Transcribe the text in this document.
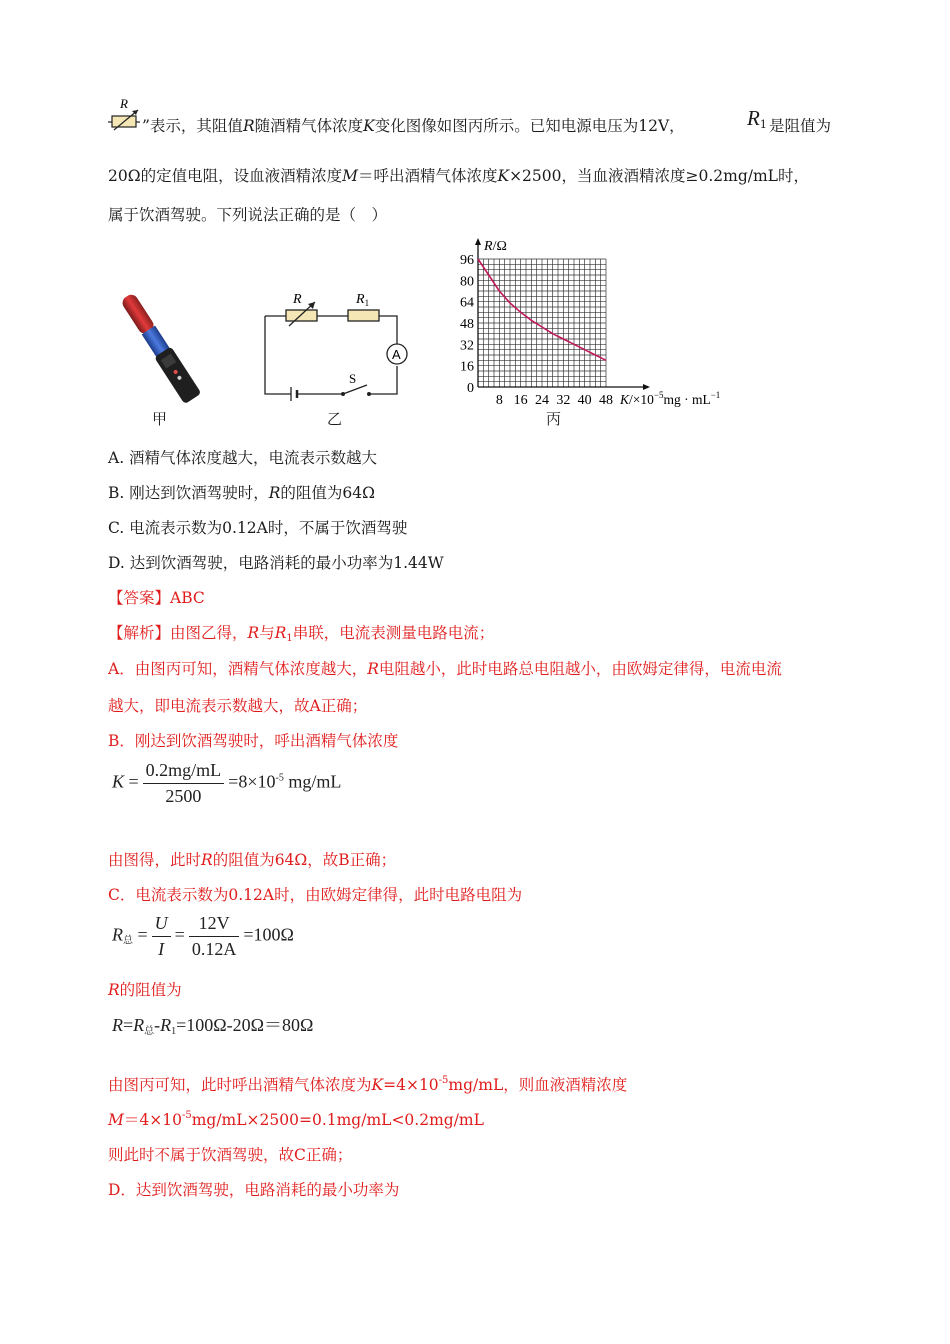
R
”表示，其阻值R随酒精气体浓度K变化图像如图丙所示。已知电源电压为12V，	$R_1$ 是阻值为
20Ω的定值电阻，设血液酒精浓度M＝呼出酒精气体浓度K×2500，当血液酒精浓度≥0.2mg/mL时，
属于饮酒驾驶。下列说法正确的是（　）
甲
R	$R_1$
A
S
乙
0
16
32
48
64
80
96
8 16 24 32 40 48
R/Ω
$K/\times 10^{-5}mg \cdot mL^{-1}$
丙
A. 酒精气体浓度越大，电流表示数越大
B. 刚达到饮酒驾驶时，R的阻值为64Ω
C. 电流表示数为0.12A时，不属于饮酒驾驶
D. 达到饮酒驾驶，电路消耗的最小功率为1.44W
【答案】ABC
【解析】由图乙得，R与$R_1$串联，电流表测量电路电流；
A．由图丙可知，酒精气体浓度越大，R电阻越小，此时电路总电阻越小，由欧姆定律得，电流电流
越大，即电流表示数越大，故A正确；
B．刚达到饮酒驾驶时，呼出酒精气体浓度
$K = \frac{0.2mg/mL}{2500} =8\times 10^{-5}$ mg/mL
由图得，此时R的阻值为64Ω，故B正确；
C．电流表示数为0.12A时，由欧姆定律得，此时电路电阻为
$R_总 = \frac{U}{I} = \frac{12V}{0.12A} =100\Omega$
R的阻值为
$R=R_总-R_1=100\Omega-20\Omega=80\Omega$
由图丙可知，此时呼出酒精气体浓度为$K=4\times 10^{-5}mg/mL$，则血液酒精浓度
$M=4\times 10^{-5}mg/mL\times 2500=0.1mg/mL<0.2mg/mL$
则此时不属于饮酒驾驶，故C正确；
D．达到饮酒驾驶，电路消耗的最小功率为
